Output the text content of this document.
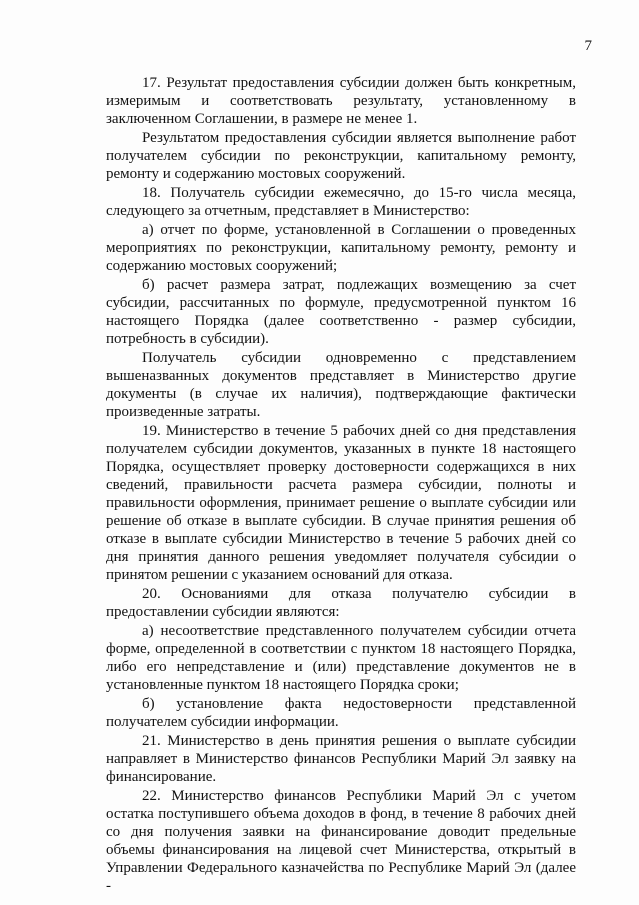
7

17. Результат предоставления субсидии должен быть конкретным, измеримым и соответствовать результату, установленному в заключенном Соглашении, в размере не менее 1.

Результатом предоставления субсидии является выполнение работ получателем субсидии по реконструкции, капитальному ремонту, ремонту и содержанию мостовых сооружений.

18. Получатель субсидии ежемесячно, до 15-го числа месяца, следующего за отчетным, представляет в Министерство:

а) отчет по форме, установленной в Соглашении о проведенных мероприятиях по реконструкции, капитальному ремонту, ремонту и содержанию мостовых сооружений;

б) расчет размера затрат, подлежащих возмещению за счет субсидии, рассчитанных по формуле, предусмотренной пунктом 16 настоящего Порядка (далее соответственно - размер субсидии, потребность в субсидии).

Получатель субсидии одновременно с представлением вышеназванных документов представляет в Министерство другие документы (в случае их наличия), подтверждающие фактически произведенные затраты.

19. Министерство в течение 5 рабочих дней со дня представления получателем субсидии документов, указанных в пункте 18 настоящего Порядка, осуществляет проверку достоверности содержащихся в них сведений, правильности расчета размера субсидии, полноты и правильности оформления, принимает решение о выплате субсидии или решение об отказе в выплате субсидии. В случае принятия решения об отказе в выплате субсидии Министерство в течение 5 рабочих дней со дня принятия данного решения уведомляет получателя субсидии о принятом решении с указанием оснований для отказа.

20. Основаниями для отказа получателю субсидии в предоставлении субсидии являются:

а) несоответствие представленного получателем субсидии отчета форме, определенной в соответствии с пунктом 18 настоящего Порядка, либо его непредставление и (или) представление документов не в установленные пунктом 18 настоящего Порядка сроки;

б) установление факта недостоверности представленной получателем субсидии информации.

21. Министерство в день принятия решения о выплате субсидии направляет в Министерство финансов Республики Марий Эл заявку на финансирование.

22. Министерство финансов Республики Марий Эл с учетом остатка поступившего объема доходов в фонд, в течение 8 рабочих дней со дня получения заявки на финансирование доводит предельные объемы финансирования на лицевой счет Министерства, открытый в Управлении Федерального казначейства по Республике Марий Эл (далее -
